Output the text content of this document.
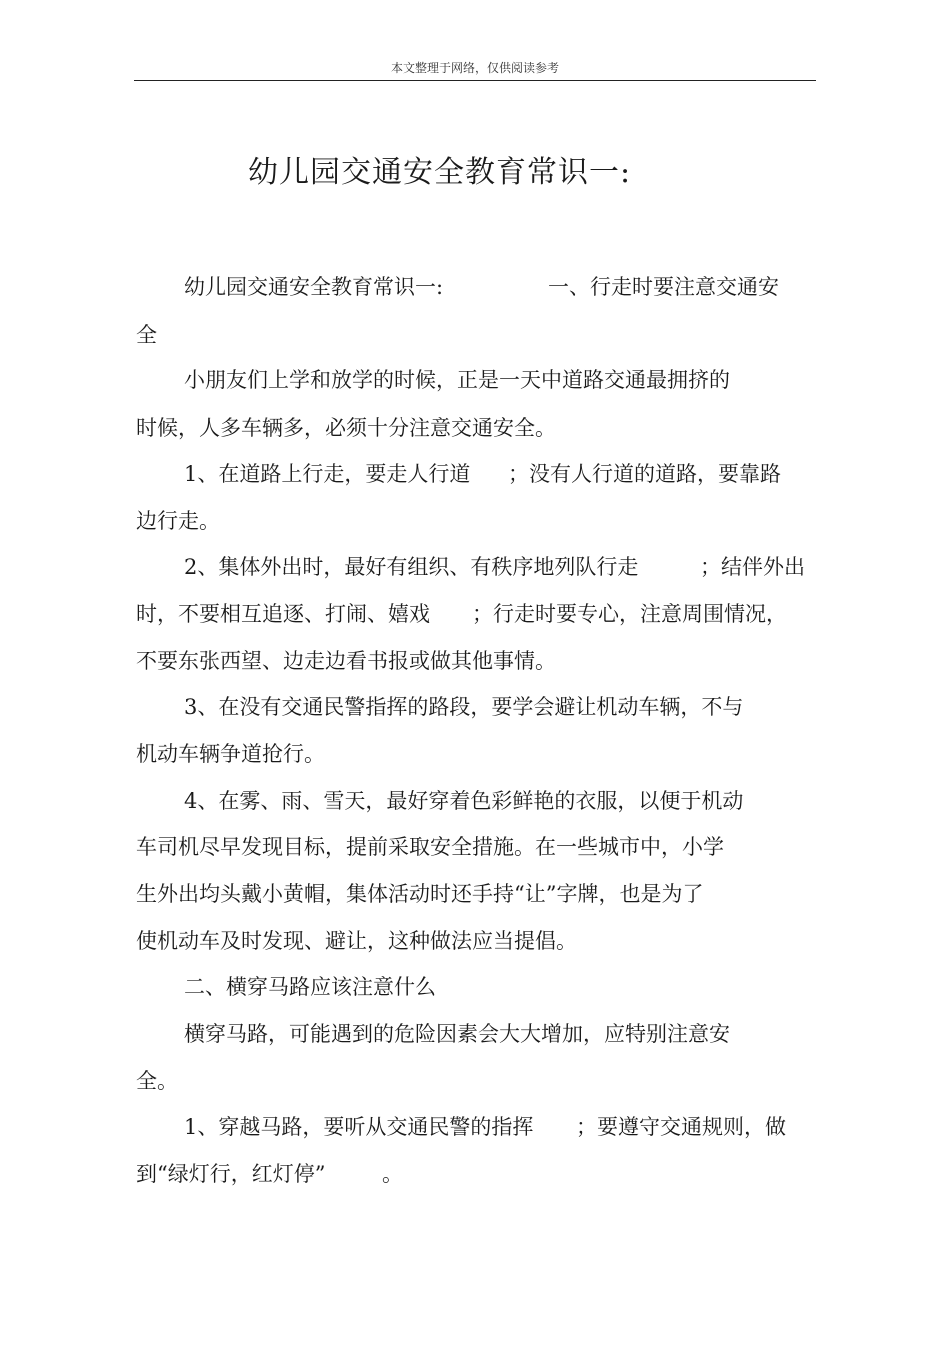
本文整理于网络，仅供阅读参考
幼儿园交通安全教育常识一:
幼儿园交通安全教育常识一:	一、行走时要注意交通安
全
小朋友们上学和放学的时候，正是一天中道路交通最拥挤的
时候，人多车辆多，必须十分注意交通安全。
1、在道路上行走，要走人行道 ；没有人行道的道路，要靠路
边行走。
2、集体外出时，最好有组织、有秩序地列队行走	；结伴外出
时，不要相互追逐、打闹、嬉戏 ；行走时要专心，注意周围情况，
不要东张西望、边走边看书报或做其他事情。
3、在没有交通民警指挥的路段，要学会避让机动车辆，不与
机动车辆争道抢行。
4、在雾、雨、雪天，最好穿着色彩鲜艳的衣服，以便于机动
车司机尽早发现目标，提前采取安全措施。在一些城市中，小学
生外出均头戴小黄帽，集体活动时还手持“让”字牌，也是为了
使机动车及时发现、避让，这种做法应当提倡。
二、横穿马路应该注意什么
横穿马路，可能遇到的危险因素会大大增加，应特别注意安
全。
1、穿越马路，要听从交通民警的指挥 ；要遵守交通规则，做
到“绿灯行，红灯停”	。
